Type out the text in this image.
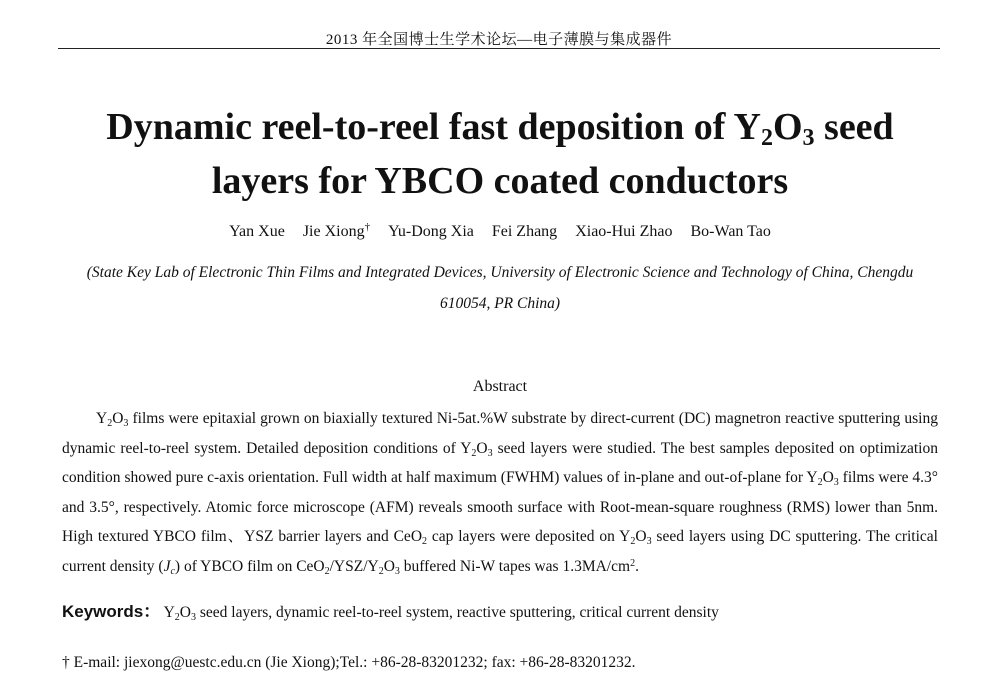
2013 年全国博士生学术论坛—电子薄膜与集成器件
Dynamic reel-to-reel fast deposition of $Y_2O_3$ seed
layers for YBCO coated conductors
Yan Xue Jie Xiong† Yu-Dong Xia Fei Zhang Xiao-Hui Zhao Bo-Wan Tao
(State Key Lab of Electronic Thin Films and Integrated Devices, University of Electronic Science and Technology of China, Chengdu 610054, PR China)
Abstract

$Y_2O_3$ films were epitaxial grown on biaxially textured Ni-5at.%W substrate by direct-current (DC) magnetron reactive sputtering using dynamic reel-to-reel system. Detailed deposition conditions of $Y_2O_3$ seed layers were studied. The best samples deposited on optimization condition showed pure c-axis orientation. Full width at half maximum (FWHM) values of in-plane and out-of-plane for $Y_2O_3$ films were 4.3° and 3.5°, respectively. Atomic force microscope (AFM) reveals smooth surface with Root-mean-square roughness (RMS) lower than 5nm. High textured YBCO film、YSZ barrier layers and CeO$_2$ cap layers were deposited on $Y_2O_3$ seed layers using DC sputtering. The critical current density $(J_c)$ of YBCO film on $CeO_2/YSZ/Y_2O_3$ buffered Ni-W tapes was $1.3MA/cm^2$.

Keywords： $Y_2O_3$ seed layers, dynamic reel-to-reel system, reactive sputtering, critical current density
† E-mail: jiexong@uestc.edu.cn (Jie Xiong);Tel.: +86-28-83201232; fax: +86-28-83201232.
